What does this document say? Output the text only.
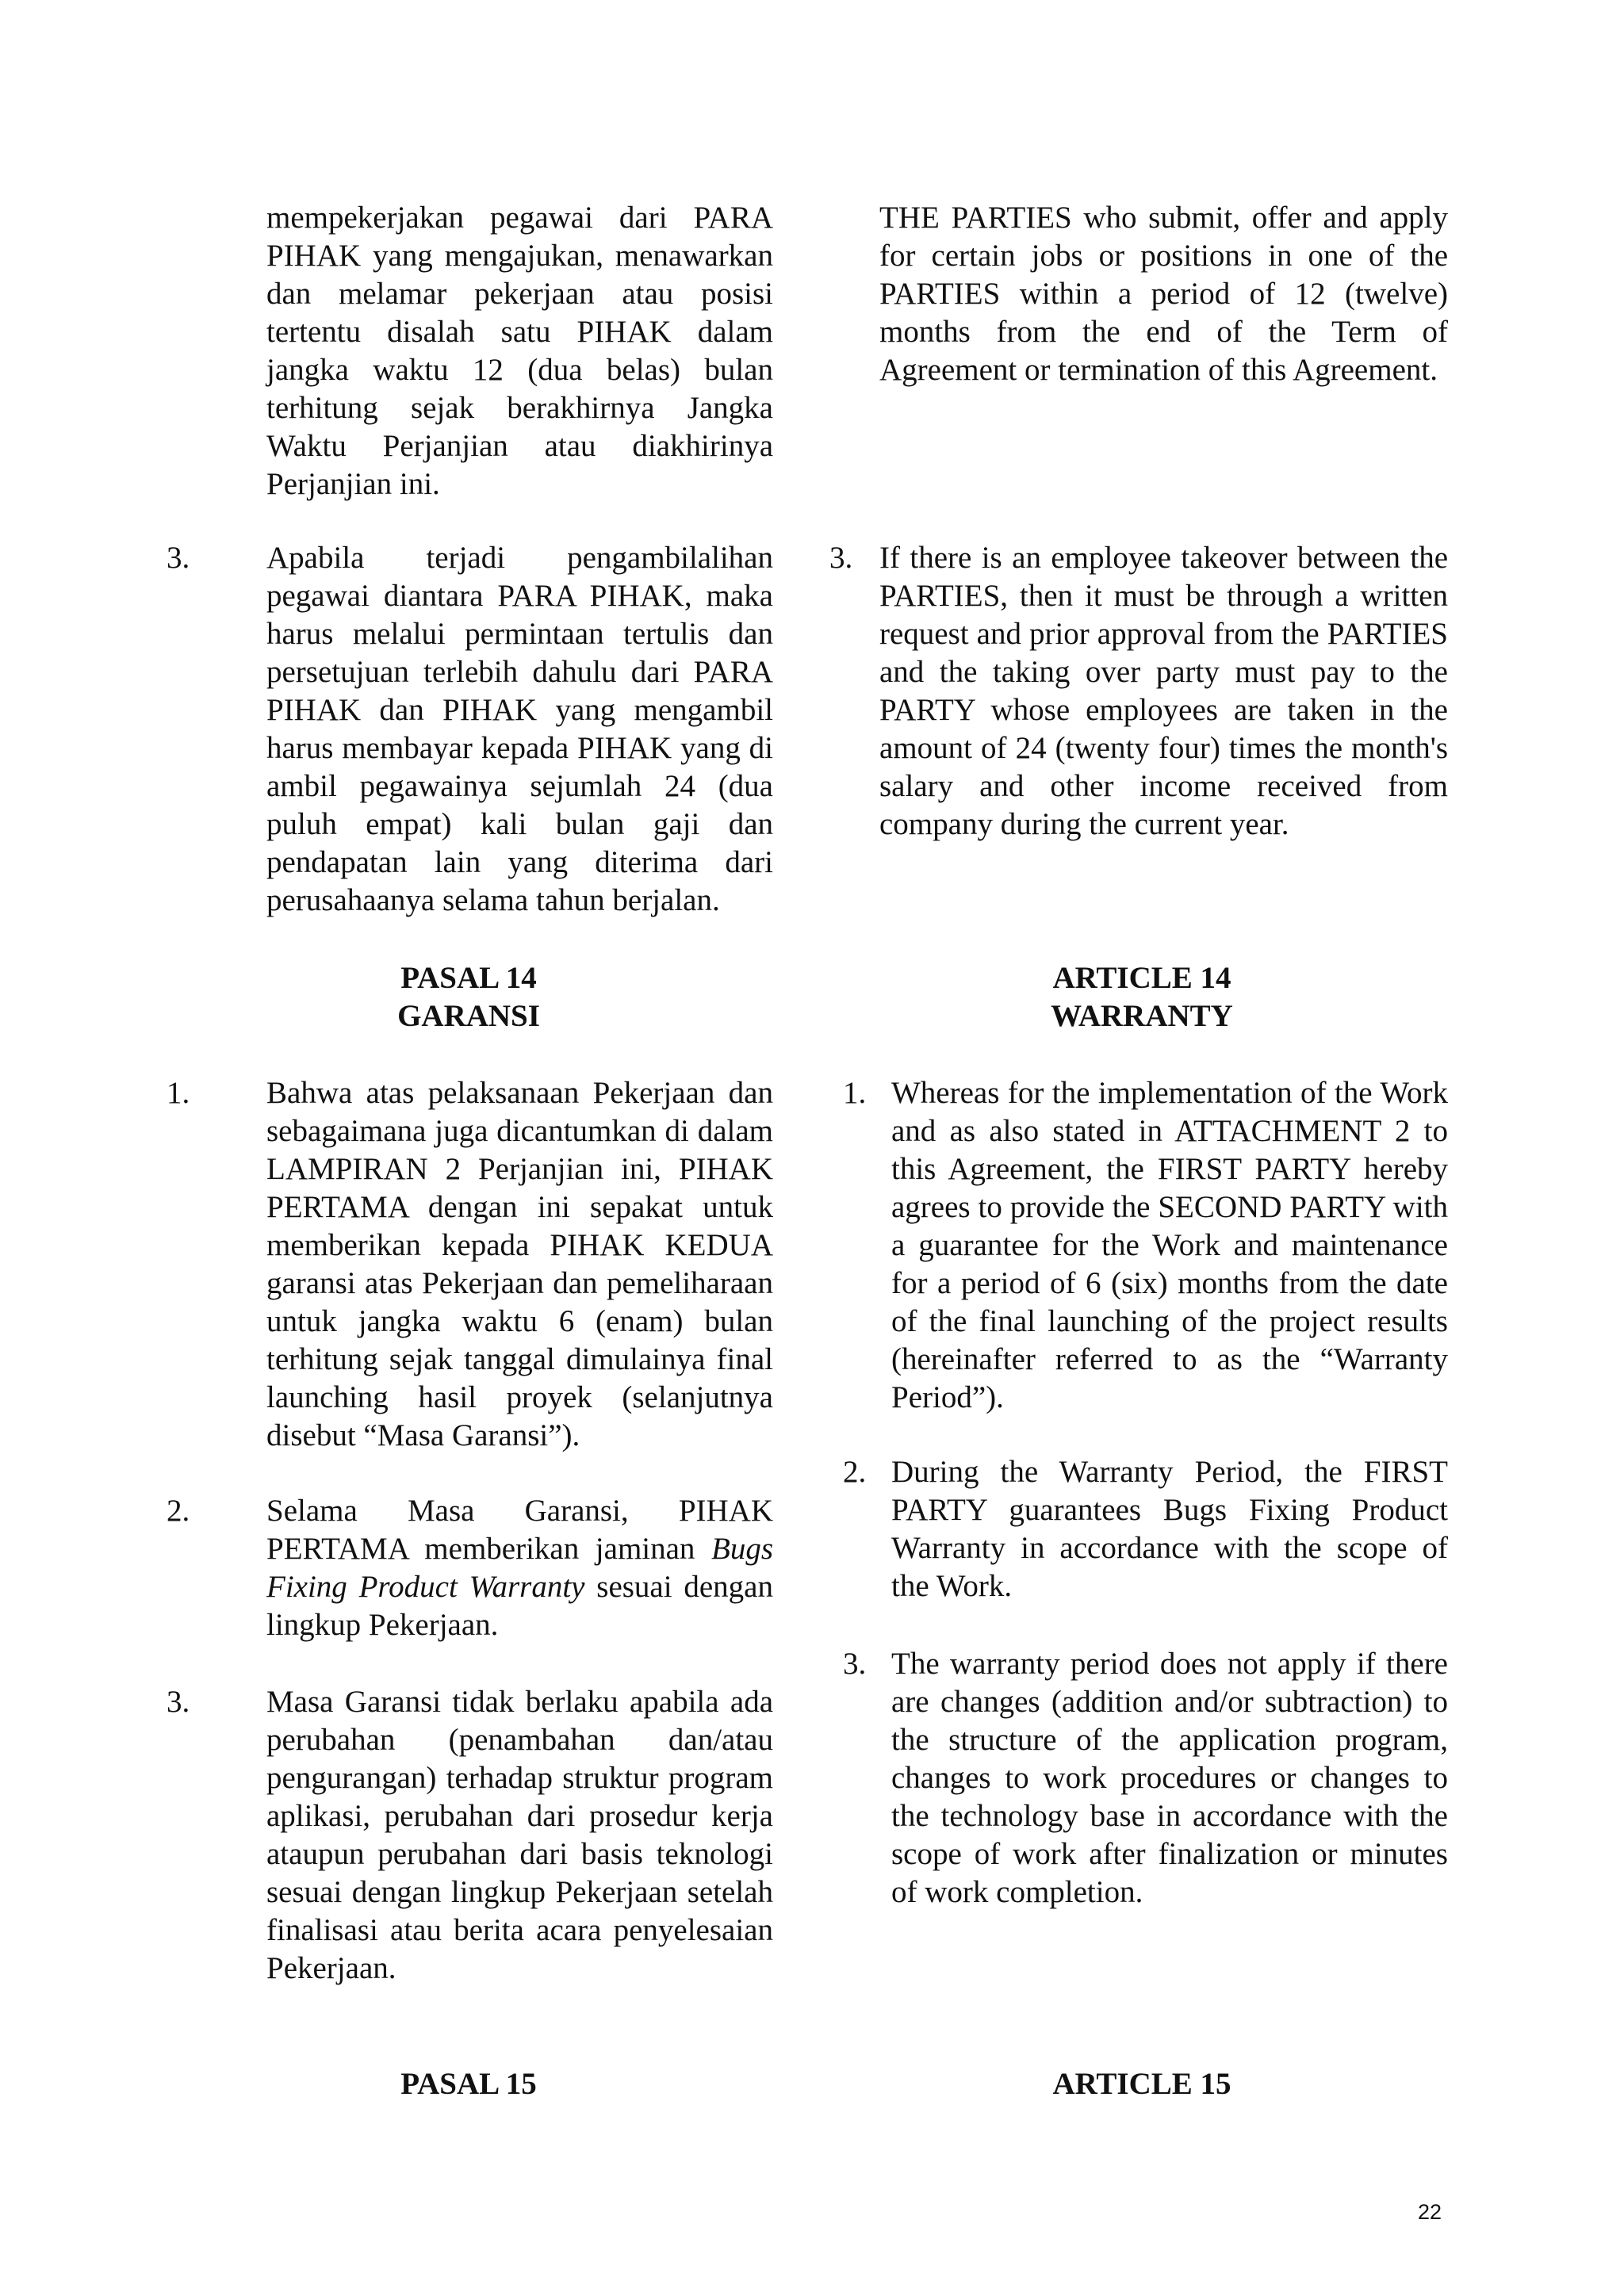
mempekerjakan pegawai dari PARA PIHAK yang mengajukan, menawarkan dan melamar pekerjaan atau posisi tertentu disalah satu PIHAK dalam jangka waktu 12 (dua belas) bulan terhitung sejak berakhirnya Jangka Waktu Perjanjian atau diakhirinya Perjanjian ini.

3. Apabila terjadi pengambilalihan pegawai diantara PARA PIHAK, maka harus melalui permintaan tertulis dan persetujuan terlebih dahulu dari PARA PIHAK dan PIHAK yang mengambil harus membayar kepada PIHAK yang di ambil pegawainya sejumlah 24 (dua puluh empat) kali bulan gaji dan pendapatan lain yang diterima dari perusahaanya selama tahun berjalan.

PASAL 14
GARANSI
1. Bahwa atas pelaksanaan Pekerjaan dan sebagaimana juga dicantumkan di dalam LAMPIRAN 2 Perjanjian ini, PIHAK PERTAMA dengan ini sepakat untuk memberikan kepada PIHAK KEDUA garansi atas Pekerjaan dan pemeliharaan untuk jangka waktu 6 (enam) bulan terhitung sejak tanggal dimulainya final launching hasil proyek (selanjutnya disebut “Masa Garansi”).

2. Selama Masa Garansi, PIHAK PERTAMA memberikan jaminan Bugs Fixing Product Warranty sesuai dengan lingkup Pekerjaan.

3. Masa Garansi tidak berlaku apabila ada perubahan (penambahan dan/atau pengurangan) terhadap struktur program aplikasi, perubahan dari prosedur kerja ataupun perubahan dari basis teknologi sesuai dengan lingkup Pekerjaan setelah finalisasi atau berita acara penyelesaian Pekerjaan.

PASAL 15

THE PARTIES who submit, offer and apply for certain jobs or positions in one of the PARTIES within a period of 12 (twelve) months from the end of the Term of Agreement or termination of this Agreement.

3. If there is an employee takeover between the PARTIES, then it must be through a written request and prior approval from the PARTIES and the taking over party must pay to the PARTY whose employees are taken in the amount of 24 (twenty four) times the month's salary and other income received from company during the current year.

ARTICLE 14
WARRANTY
1. Whereas for the implementation of the Work and as also stated in ATTACHMENT 2 to this Agreement, the FIRST PARTY hereby agrees to provide the SECOND PARTY with a guarantee for the Work and maintenance for a period of 6 (six) months from the date of the final launching of the project results (hereinafter referred to as the “Warranty Period”).

2. During the Warranty Period, the FIRST PARTY guarantees Bugs Fixing Product Warranty in accordance with the scope of the Work.

3. The warranty period does not apply if there are changes (addition and/or subtraction) to the structure of the application program, changes to work procedures or changes to the technology base in accordance with the scope of work after finalization or minutes of work completion.

ARTICLE 15
22
